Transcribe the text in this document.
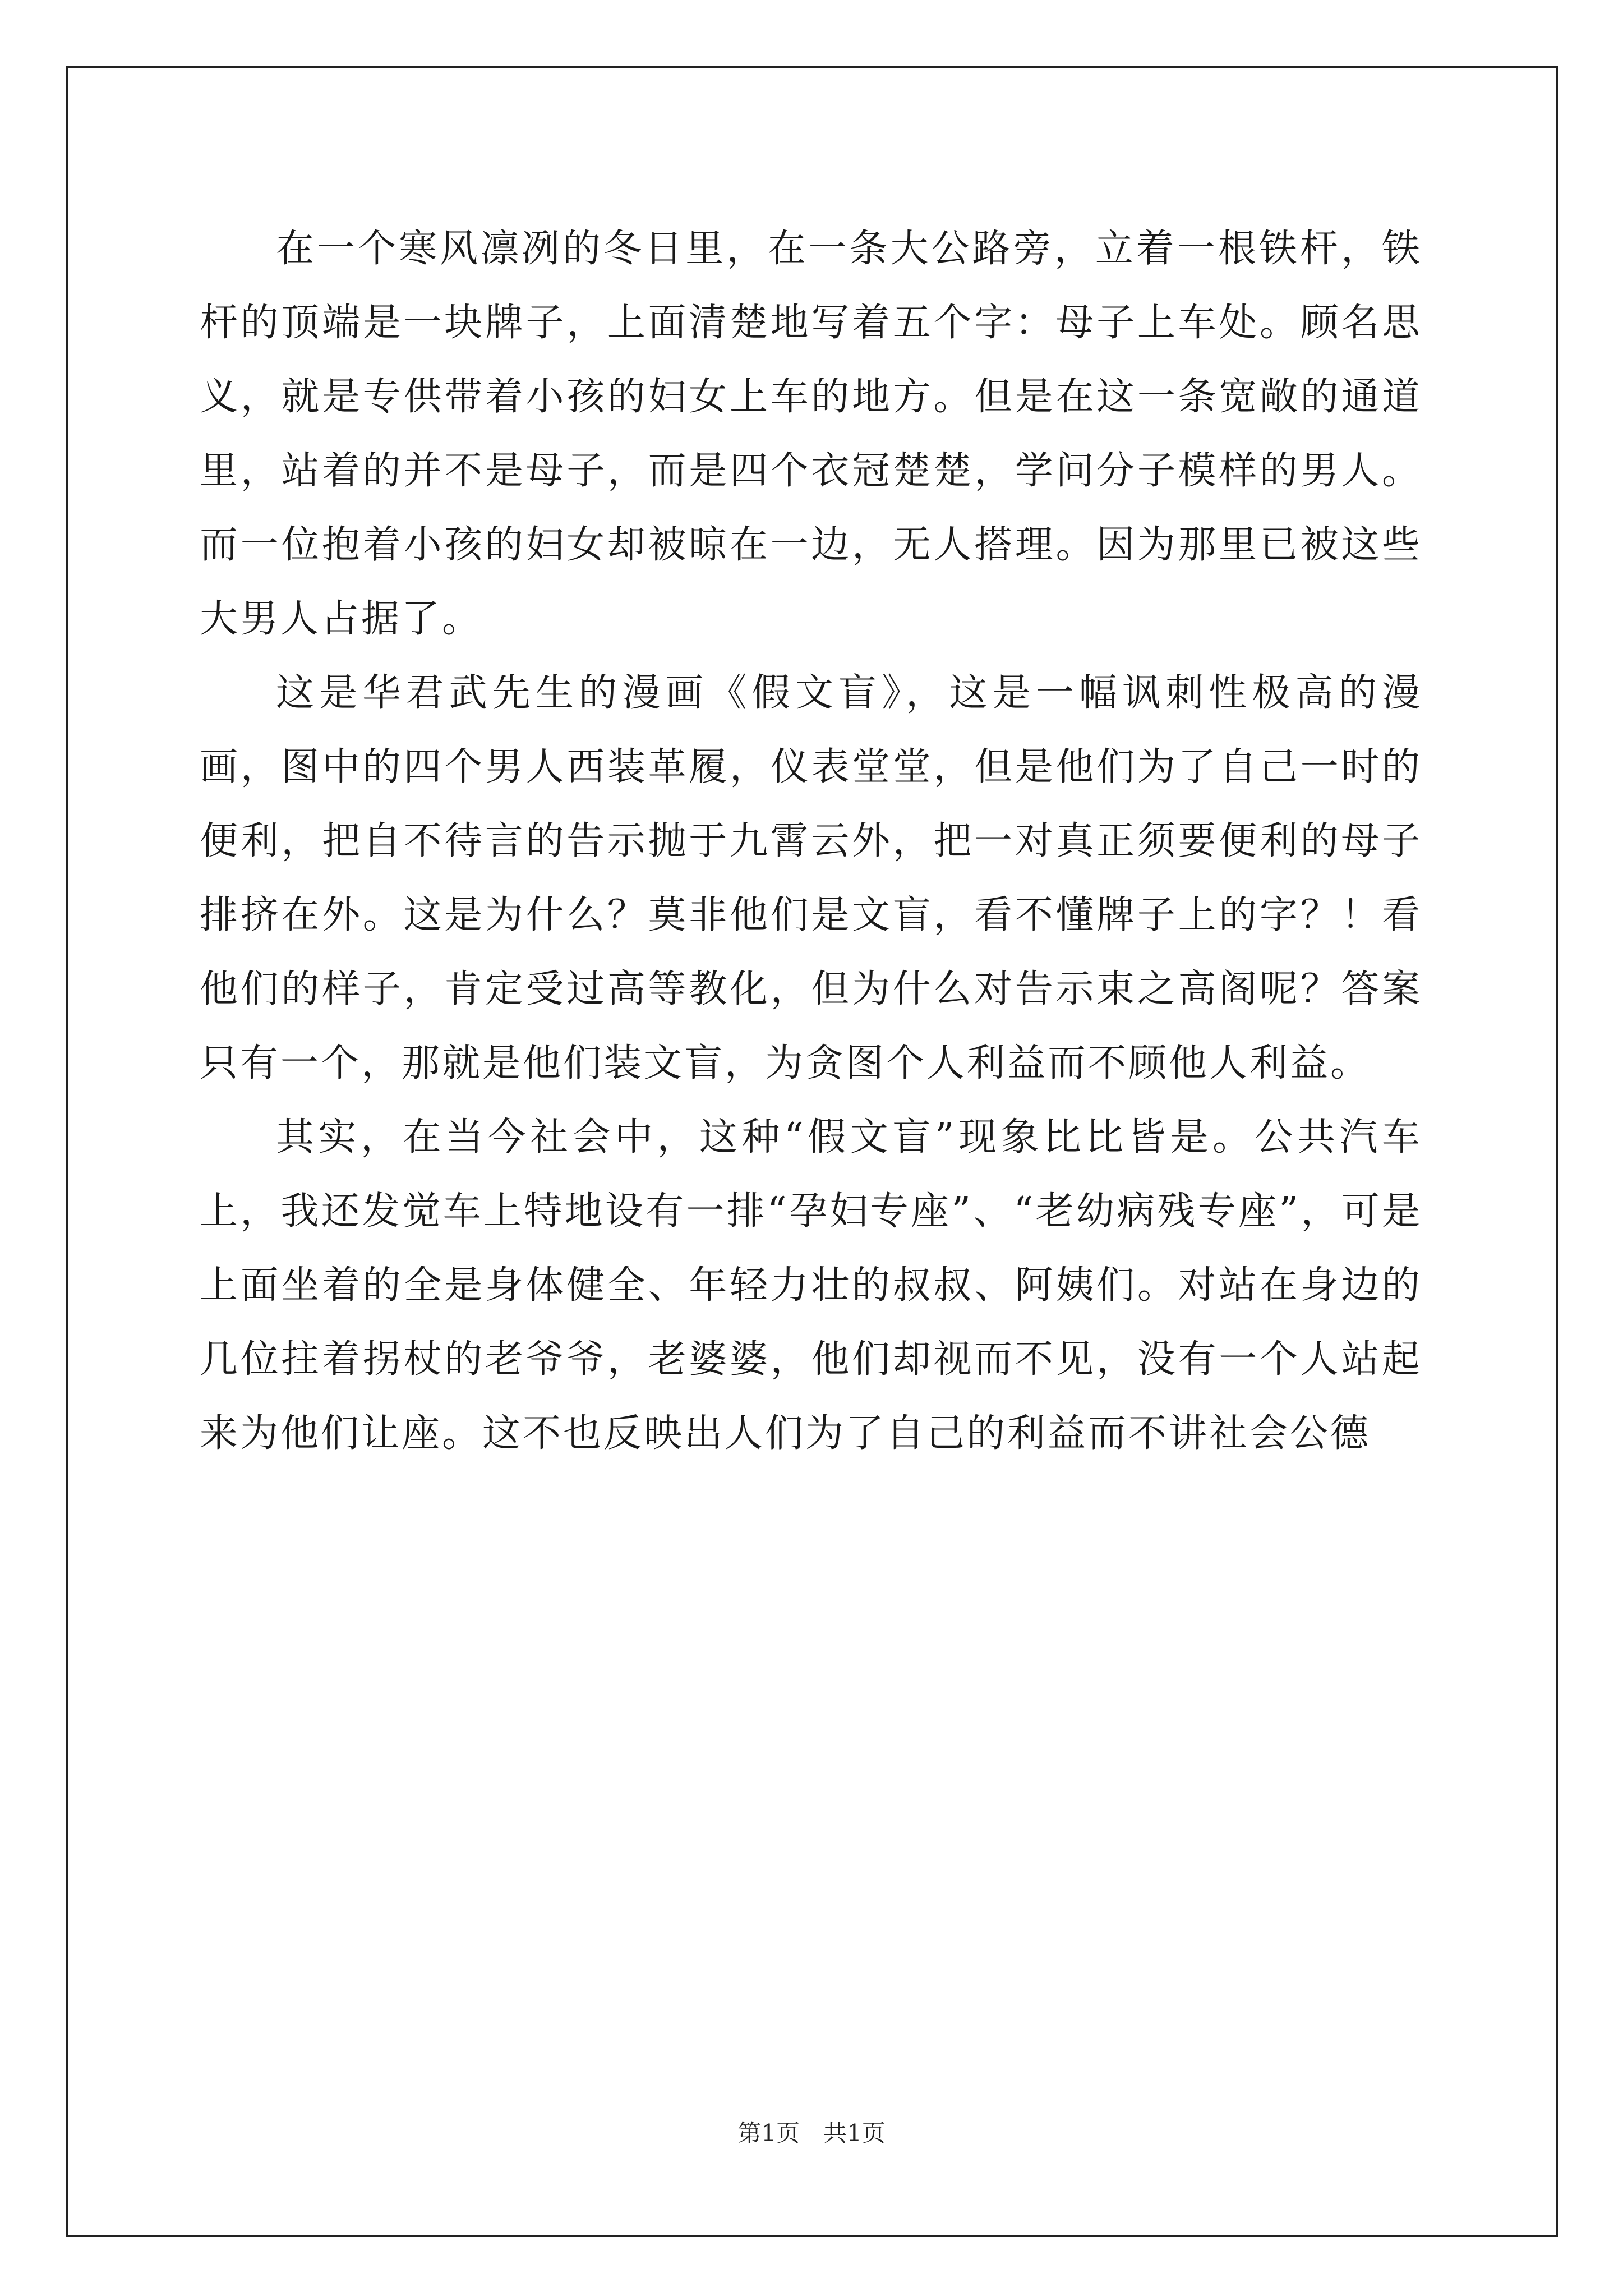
在一个寒风凛冽的冬日里，在一条大公路旁，立着一根铁杆，铁杆的顶端是一块牌子，上面清楚地写着五个字：母子上车处。顾名思义，就是专供带着小孩的妇女上车的地方。但是在这一条宽敞的通道里，站着的并不是母子，而是四个衣冠楚楚，学问分子模样的男人。而一位抱着小孩的妇女却被晾在一边，无人搭理。因为那里已被这些大男人占据了。

这是华君武先生的漫画《假文盲》，这是一幅讽刺性极高的漫画，图中的四个男人西装革履，仪表堂堂，但是他们为了自己一时的便利，把自不待言的告示抛于九霄云外，把一对真正须要便利的母子排挤在外。这是为什么？莫非他们是文盲，看不懂牌子上的字？！看他们的样子，肯定受过高等教化，但为什么对告示束之高阁呢？答案只有一个，那就是他们装文盲，为贪图个人利益而不顾他人利益。

其实，在当今社会中，这种“假文盲”现象比比皆是。公共汽车上，我还发觉车上特地设有一排“孕妇专座”、“老幼病残专座”，可是上面坐着的全是身体健全、年轻力壮的叔叔、阿姨们。对站在身边的几位拄着拐杖的老爷爷，老婆婆，他们却视而不见，没有一个人站起来为他们让座。这不也反映出人们为了自己的利益而不讲社会公德

第1页　共1页
